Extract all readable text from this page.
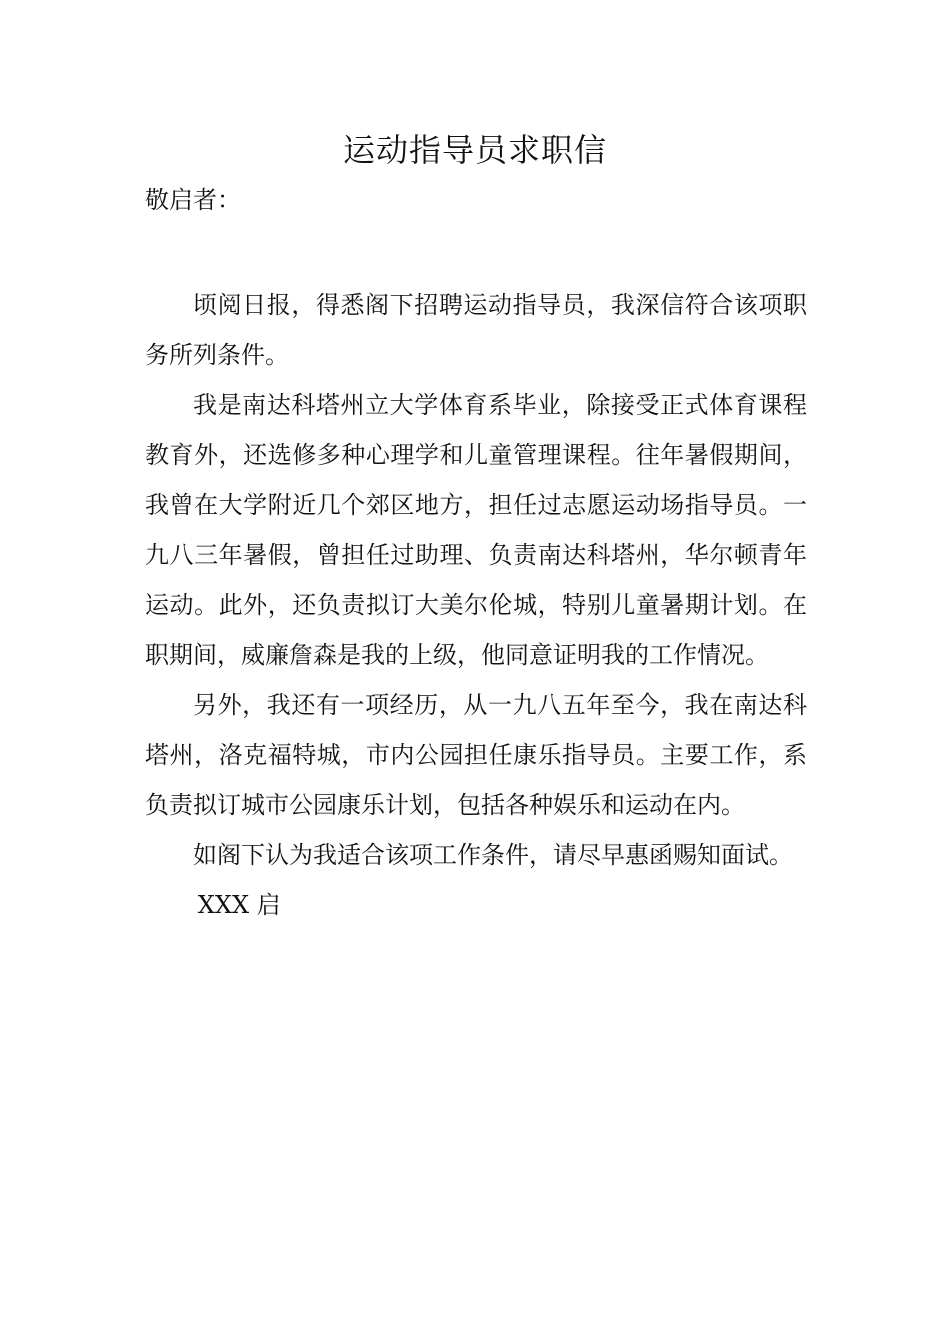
运动指导员求职信

敬启者：

顷阅日报，得悉阁下招聘运动指导员，我深信符合该项职务所列条件。

我是南达科塔州立大学体育系毕业，除接受正式体育课程教育外，还选修多种心理学和儿童管理课程。往年暑假期间，我曾在大学附近几个郊区地方，担任过志愿运动场指导员。一九八三年暑假，曾担任过助理、负责南达科塔州，华尔顿青年运动。此外，还负责拟订大美尔伦城，特别儿童暑期计划。在职期间，威廉詹森是我的上级，他同意证明我的工作情况。

另外，我还有一项经历，从一九八五年至今，我在南达科塔州，洛克福特城，市内公园担任康乐指导员。主要工作，系负责拟订城市公园康乐计划，包括各种娱乐和运动在内。

如阁下认为我适合该项工作条件，请尽早惠函赐知面试。

XXX 启
